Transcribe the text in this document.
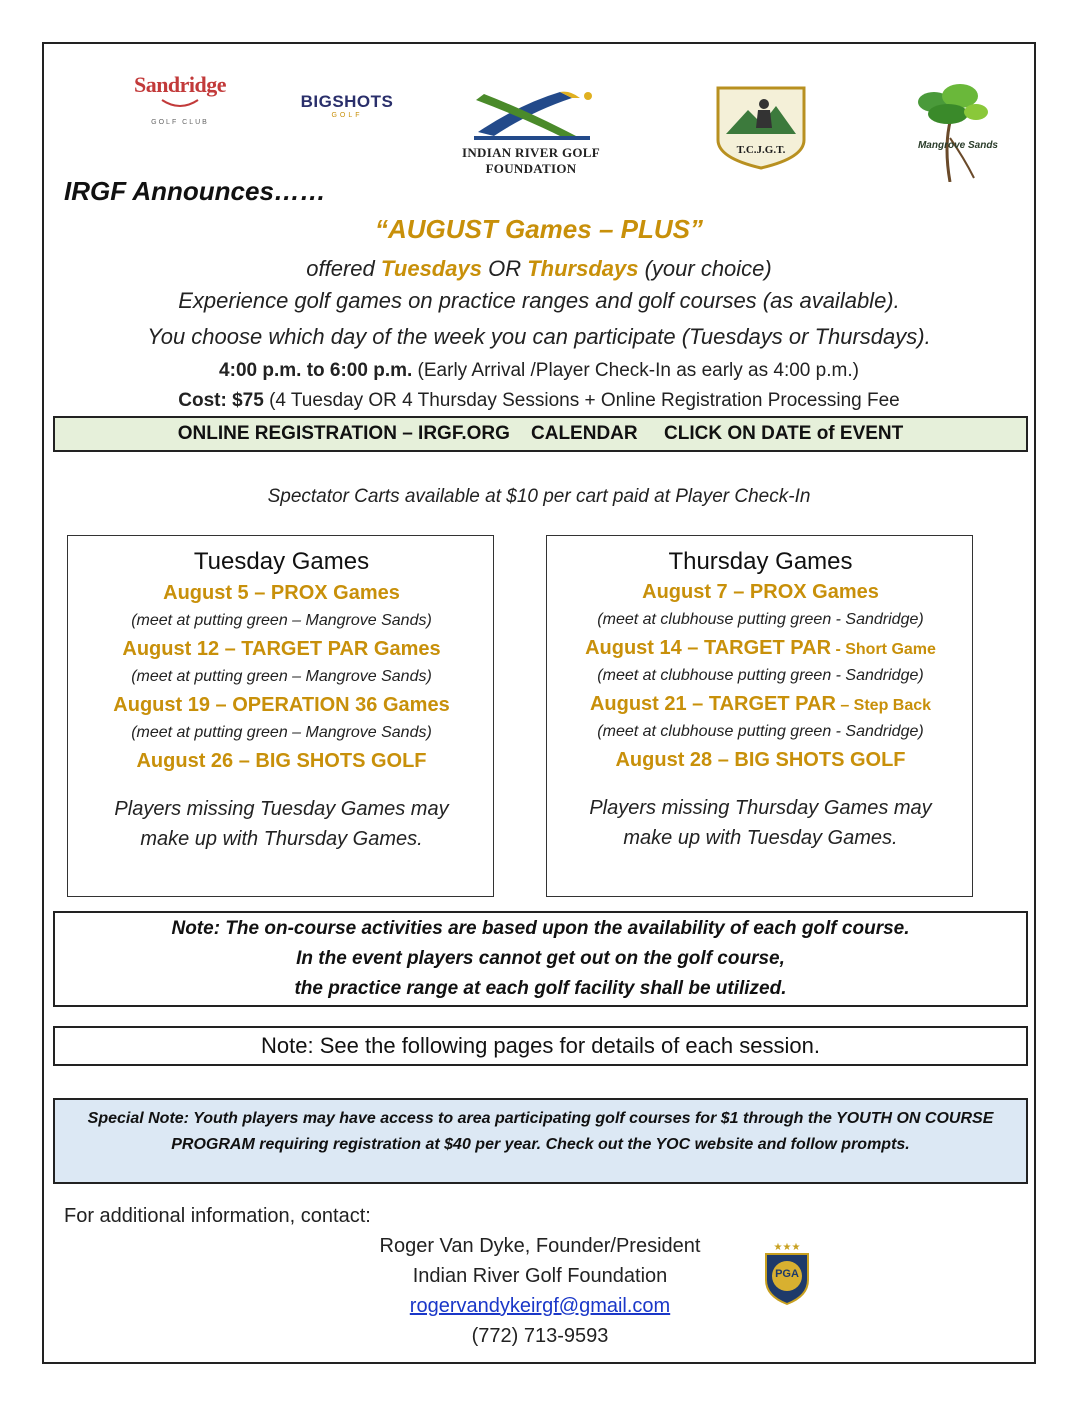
Sandridge
GOLF CLUB
BIGSHOTS
GOLF
INDIAN RIVER GOLF FOUNDATION
T.C.J.G.T.	Mangrove Sands
IRGF Announces……
“AUGUST Games – PLUS”
offered Tuesdays OR Thursdays (your choice)
Experience golf games on practice ranges and golf courses (as available).
You choose which day of the week you can participate (Tuesdays or Thursdays).
4:00 p.m. to 6:00 p.m. (Early Arrival /Player Check-In as early as 4:00 p.m.)
Cost: $75 (4 Tuesday OR 4 Thursday Sessions + Online Registration Processing Fee
ONLINE REGISTRATION – IRGF.ORG    CALENDAR     CLICK ON DATE of EVENT
Spectator Carts available at $10 per cart paid at Player Check-In
Tuesday Games
August 5 – PROX Games
(meet at putting green – Mangrove Sands)
August 12 – TARGET PAR Games
(meet at putting green – Mangrove Sands)
August 19 – OPERATION 36 Games
(meet at putting green – Mangrove Sands)
August 26 – BIG SHOTS GOLF
Players missing Tuesday Games may
make up with Thursday Games.
Thursday Games
August 7 – PROX Games
(meet at clubhouse putting green - Sandridge)
August 14 – TARGET PAR - Short Game
(meet at clubhouse putting green - Sandridge)
August 21 – TARGET PAR – Step Back
(meet at clubhouse putting green - Sandridge)
August 28 – BIG SHOTS GOLF
Players missing Thursday Games may
make up with Tuesday Games.
Note: The on-course activities are based upon the availability of each golf course.
In the event players cannot get out on the golf course,
the practice range at each golf facility shall be utilized.
Note: See the following pages for details of each session.
Special Note: Youth players may have access to area participating golf courses for $1 through the YOUTH ON COURSE PROGRAM requiring registration at $40 per year. Check out the YOC website and follow prompts.
For additional information, contact:
Roger Van Dyke, Founder/President
Indian River Golf Foundation
rogervandykeirgf@gmail.com
(772) 713-9593
★★★
PGA
